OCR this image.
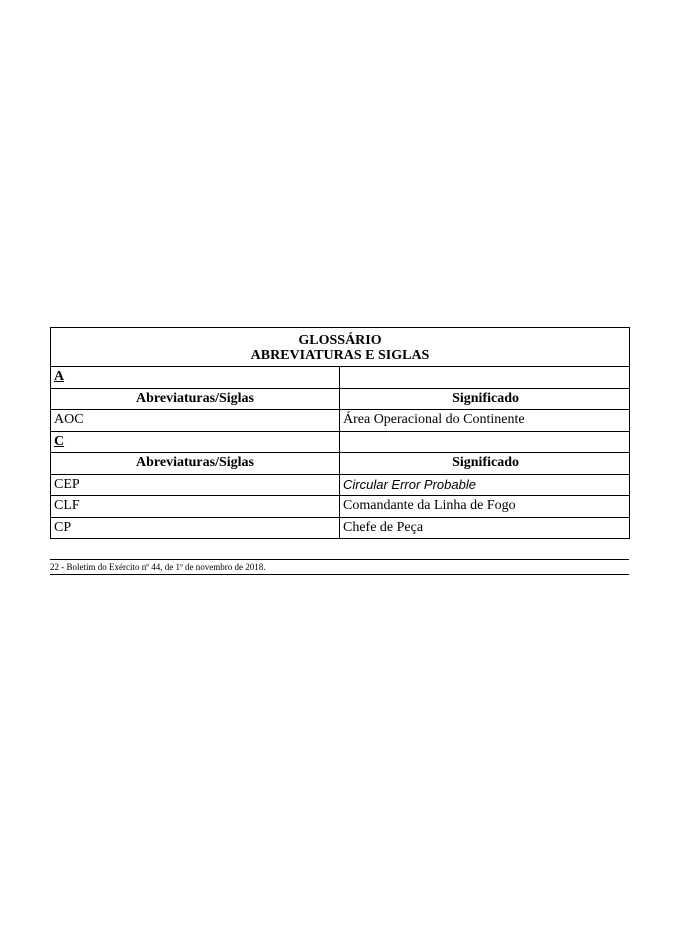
GLOSSÁRIO
ABREVIATURAS E SIGLAS	

A	
Abreviaturas/Siglas	Significado
AOC	Área Operacional do Continente
C	
Abreviaturas/Siglas	Significado
CEP	Circular Error Probable
CLF	Comandante da Linha de Fogo
CP	Chefe de Peça
22 - Boletim do Exército nº 44, de 1º de novembro de 2018.
